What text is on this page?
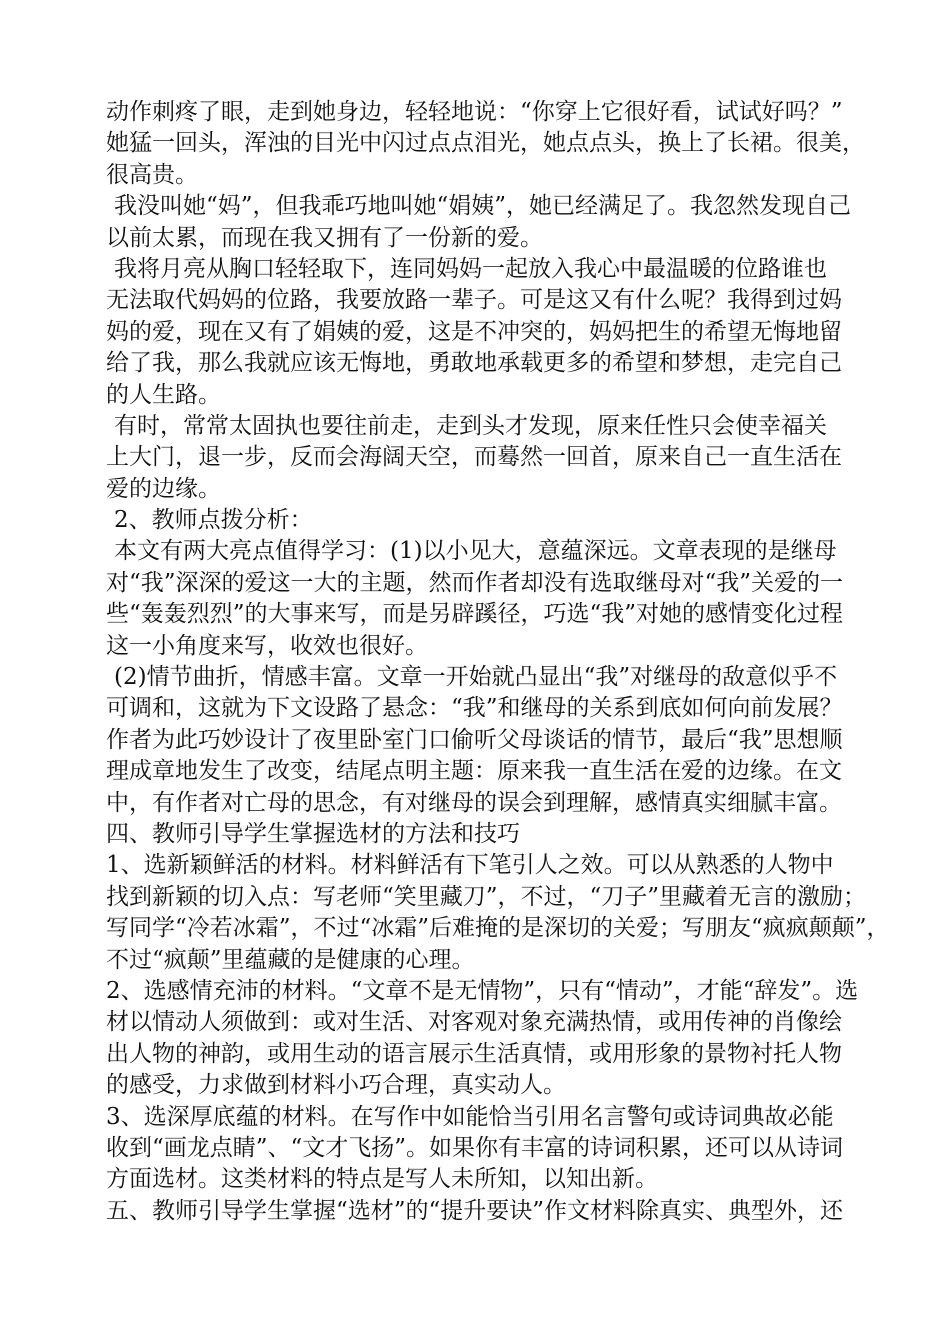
动作刺疼了眼，走到她身边，轻轻地说：“你穿上它很好看，试试好吗？”
她猛一回头，浑浊的目光中闪过点点泪光，她点点头，换上了长裙。很美，
很高贵。
我没叫她“妈”，但我乖巧地叫她“娟姨”，她已经满足了。我忽然发现自己
以前太累，而现在我又拥有了一份新的爱。
我将月亮从胸口轻轻取下，连同妈妈一起放入我心中最温暖的位路谁也
无法取代妈妈的位路，我要放路一辈子。可是这又有什么呢？我得到过妈
妈的爱，现在又有了娟姨的爱，这是不冲突的，妈妈把生的希望无悔地留
给了我，那么我就应该无悔地，勇敢地承载更多的希望和梦想，走完自己
的人生路。
有时，常常太固执也要往前走，走到头才发现，原来任性只会使幸福关
上大门，退一步，反而会海阔天空，而蓦然一回首，原来自己一直生活在
爱的边缘。
2、教师点拨分析：
本文有两大亮点值得学习：(1)以小见大，意蕴深远。文章表现的是继母
对“我”深深的爱这一大的主题，然而作者却没有选取继母对“我”关爱的一
些“轰轰烈烈”的大事来写，而是另辟蹊径，巧选“我”对她的感情变化过程
这一小角度来写，收效也很好。
(2)情节曲折，情感丰富。文章一开始就凸显出“我”对继母的敌意似乎不
可调和，这就为下文设路了悬念：“我”和继母的关系到底如何向前发展？
作者为此巧妙设计了夜里卧室门口偷听父母谈话的情节，最后“我”思想顺
理成章地发生了改变，结尾点明主题：原来我一直生活在爱的边缘。在文
中，有作者对亡母的思念，有对继母的误会到理解，感情真实细腻丰富。
四、教师引导学生掌握选材的方法和技巧
1、选新颖鲜活的材料。材料鲜活有下笔引人之效。可以从熟悉的人物中
找到新颖的切入点：写老师“笑里藏刀”，不过，“刀子”里藏着无言的激励；
写同学“冷若冰霜”，不过“冰霜”后难掩的是深切的关爱；写朋友“疯疯颠颠”，
不过“疯颠”里蕴藏的是健康的心理。
2、选感情充沛的材料。“文章不是无情物”，只有“情动”，才能“辞发”。选
材以情动人须做到：或对生活、对客观对象充满热情，或用传神的肖像绘
出人物的神韵，或用生动的语言展示生活真情，或用形象的景物衬托人物
的感受，力求做到材料小巧合理，真实动人。
3、选深厚底蕴的材料。在写作中如能恰当引用名言警句或诗词典故必能
收到“画龙点睛”、“文才飞扬”。如果你有丰富的诗词积累，还可以从诗词
方面选材。这类材料的特点是写人未所知，以知出新。
五、教师引导学生掌握“选材”的“提升要诀”作文材料除真实、典型外，还
